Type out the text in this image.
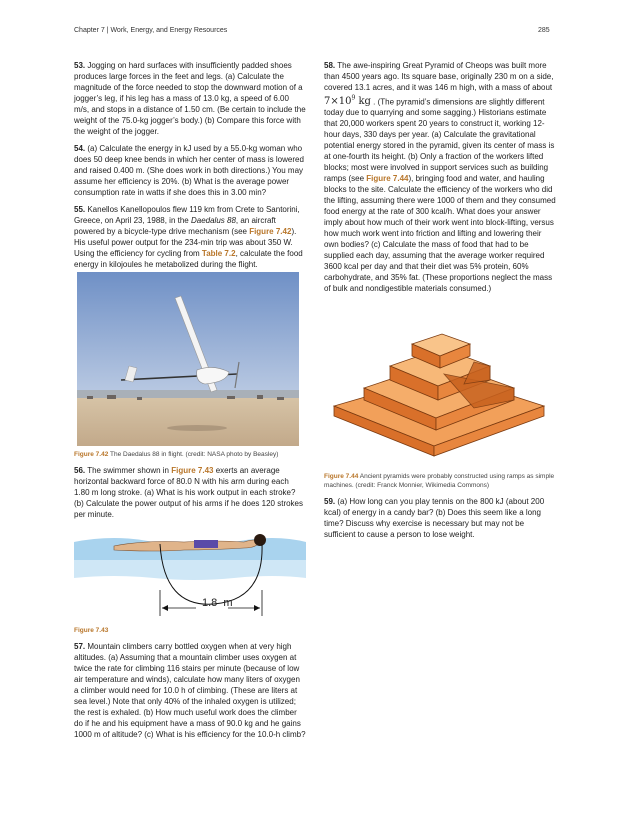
Chapter 7 | Work, Energy, and Energy Resources	285

53. Jogging on hard surfaces with insufficiently padded shoes produces large forces in the feet and legs. (a) Calculate the magnitude of the force needed to stop the downward motion of a jogger’s leg, if his leg has a mass of 13.0 kg, a speed of 6.00 m/s, and stops in a distance of 1.50 cm. (Be certain to include the weight of the 75.0-kg jogger’s body.) (b) Compare this force with the weight of the jogger.

54. (a) Calculate the energy in kJ used by a 55.0-kg woman who does 50 deep knee bends in which her center of mass is lowered and raised 0.400 m. (She does work in both directions.) You may assume her efficiency is 20%. (b) What is the average power consumption rate in watts if she does this in 3.00 min?

55. Kanellos Kanellopoulos flew 119 km from Crete to Santorini, Greece, on April 23, 1988, in the Daedalus 88, an aircraft powered by a bicycle-type drive mechanism (see Figure 7.42). His useful power output for the 234-min trip was about 350 W. Using the efficiency for cycling from Table 7.2, calculate the food energy in kilojoules he metabolized during the flight.

Figure 7.42 The Daedalus 88 in flight. (credit: NASA photo by Beasley)

56. The swimmer shown in Figure 7.43 exerts an average horizontal backward force of 80.0 N with his arm during each 1.80 m long stroke. (a) What is his work output in each stroke? (b) Calculate the power output of his arms if he does 120 strokes per minute.

1.8  m
Figure 7.43

57. Mountain climbers carry bottled oxygen when at very high altitudes. (a) Assuming that a mountain climber uses oxygen at twice the rate for climbing 116 stairs per minute (because of low air temperature and winds), calculate how many liters of oxygen a climber would need for 10.0 h of climbing. (These are liters at sea level.) Note that only 40% of the inhaled oxygen is utilized; the rest is exhaled. (b) How much useful work does the climber do if he and his equipment have a mass of 90.0 kg and he gains 1000 m of altitude? (c) What is his efficiency for the 10.0-h climb?

58. The awe-inspiring Great Pyramid of Cheops was built more than 4500 years ago. Its square base, originally 230 m on a side, covered 13.1 acres, and it was 146 m high, with a mass of about $7\times 10^9$ kg . (The pyramid’s dimensions are slightly different today due to quarrying and some sagging.) Historians estimate that 20,000 workers spent 20 years to construct it, working 12-hour days, 330 days per year. (a) Calculate the gravitational potential energy stored in the pyramid, given its center of mass is at one-fourth its height. (b) Only a fraction of the workers lifted blocks; most were involved in support services such as building ramps (see Figure 7.44), bringing food and water, and hauling blocks to the site. Calculate the efficiency of the workers who did the lifting, assuming there were 1000 of them and they consumed food energy at the rate of 300 kcal/h. What does your answer imply about how much of their work went into block-lifting, versus how much work went into friction and lifting and lowering their own bodies? (c) Calculate the mass of food that had to be supplied each day, assuming that the average worker required 3600 kcal per day and that their diet was 5% protein, 60% carbohydrate, and 35% fat. (These proportions neglect the mass of bulk and nondigestible materials consumed.)

Figure 7.44 Ancient pyramids were probably constructed using ramps as simple machines. (credit: Franck Monnier, Wikimedia Commons)

59. (a) How long can you play tennis on the 800 kJ (about 200 kcal) of energy in a candy bar? (b) Does this seem like a long time? Discuss why exercise is necessary but may not be sufficient to cause a person to lose weight.
